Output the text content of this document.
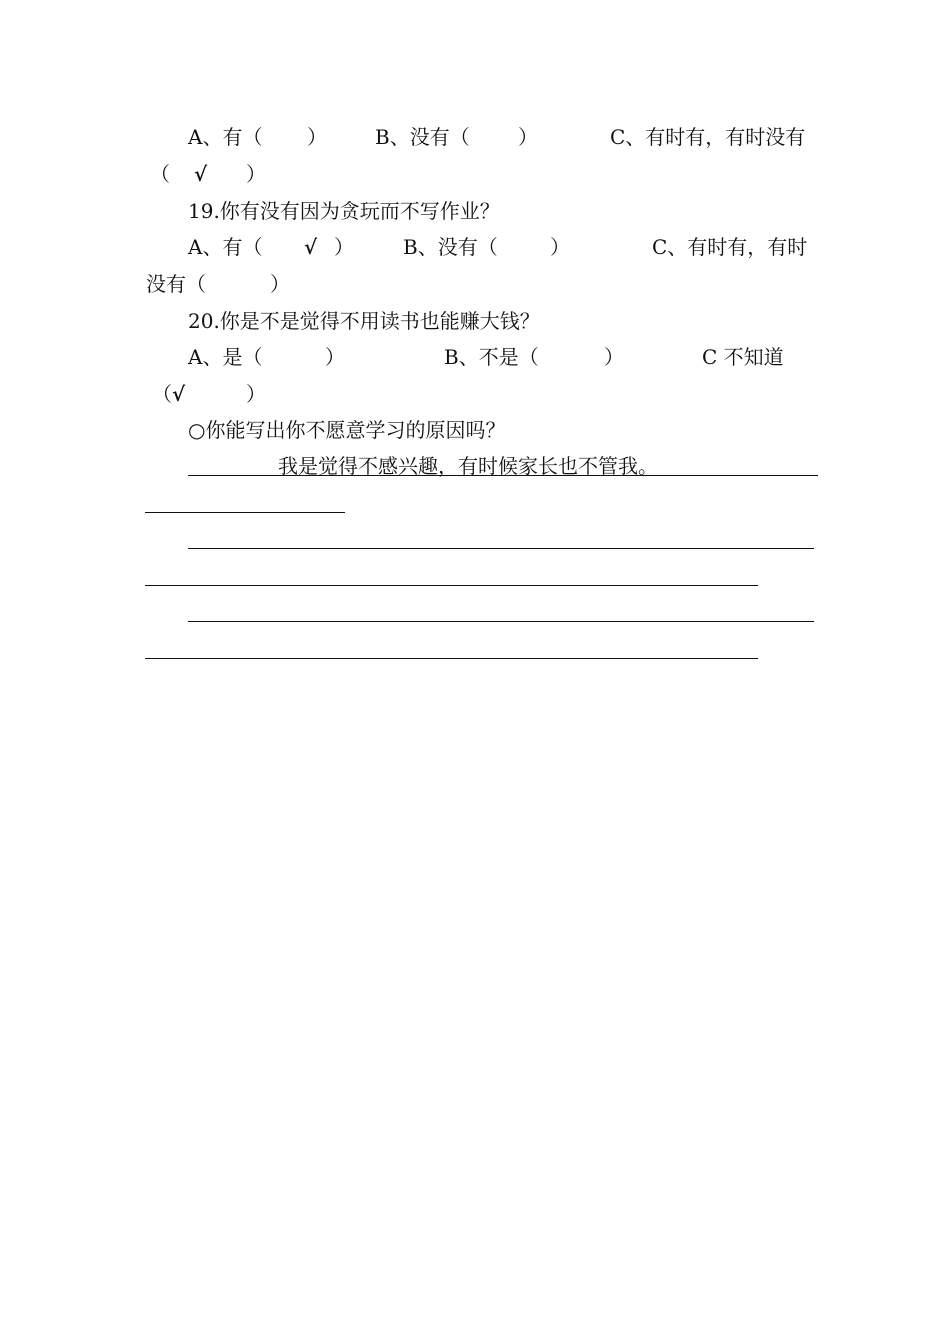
A、有（ ） B、没有（ ）	C、有时有，有时没有
（ √ ）
19.你有没有因为贪玩而不写作业？
A、有（ √ ） B、没有（	）	C、有时有，有时
没有（	）
20.你是不是觉得不用读书也能赚大钱？
A、是（	）	B、不是（	）	C 不知道
（ √	）
○你能写出你不愿意学习的原因吗？
我是觉得不感兴趣，有时候家长也不管我。
